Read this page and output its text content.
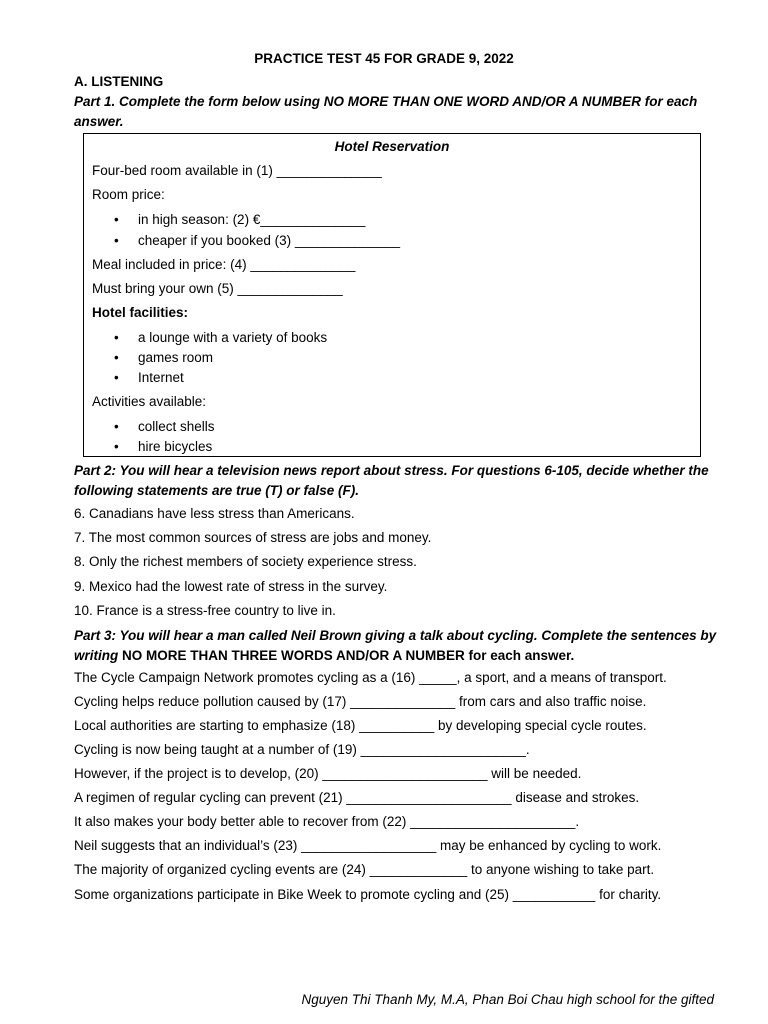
PRACTICE TEST 45 FOR GRADE 9, 2022
A. LISTENING
Part 1. Complete the form below using NO MORE THAN ONE WORD AND/OR A NUMBER for each answer.
Hotel Reservation
Four-bed room available in (1) ______________
Room price:
• in high season: (2) €______________
• cheaper if you booked (3) ______________
Meal included in price: (4) ______________
Must bring your own (5) ______________
Hotel facilities:
• a lounge with a variety of books
• games room
• Internet
Activities available:
• collect shells
• hire bicycles
Part 2: You will hear a television news report about stress. For questions 6-105, decide whether the following statements are true (T) or false (F).
6. Canadians have less stress than Americans.
7. The most common sources of stress are jobs and money.
8. Only the richest members of society experience stress.
9. Mexico had the lowest rate of stress in the survey.
10. France is a stress-free country to live in.
Part 3: You will hear a man called Neil Brown giving a talk about cycling. Complete the sentences by writing NO MORE THAN THREE WORDS AND/OR A NUMBER for each answer.
The Cycle Campaign Network promotes cycling as a (16) _____, a sport, and a means of transport.
Cycling helps reduce pollution caused by (17) ______________ from cars and also traffic noise.
Local authorities are starting to emphasize (18) __________ by developing special cycle routes.
Cycling is now being taught at a number of (19) ______________________.
However, if the project is to develop, (20) ______________________ will be needed.
A regimen of regular cycling can prevent (21) ______________________ disease and strokes.
It also makes your body better able to recover from (22) ______________________.
Neil suggests that an individual’s (23) __________________ may be enhanced by cycling to work.
The majority of organized cycling events are (24) _____________ to anyone wishing to take part.
Some organizations participate in Bike Week to promote cycling and (25) ___________ for charity.
Nguyen Thi Thanh My, M.A, Phan Boi Chau high school for the gifted
